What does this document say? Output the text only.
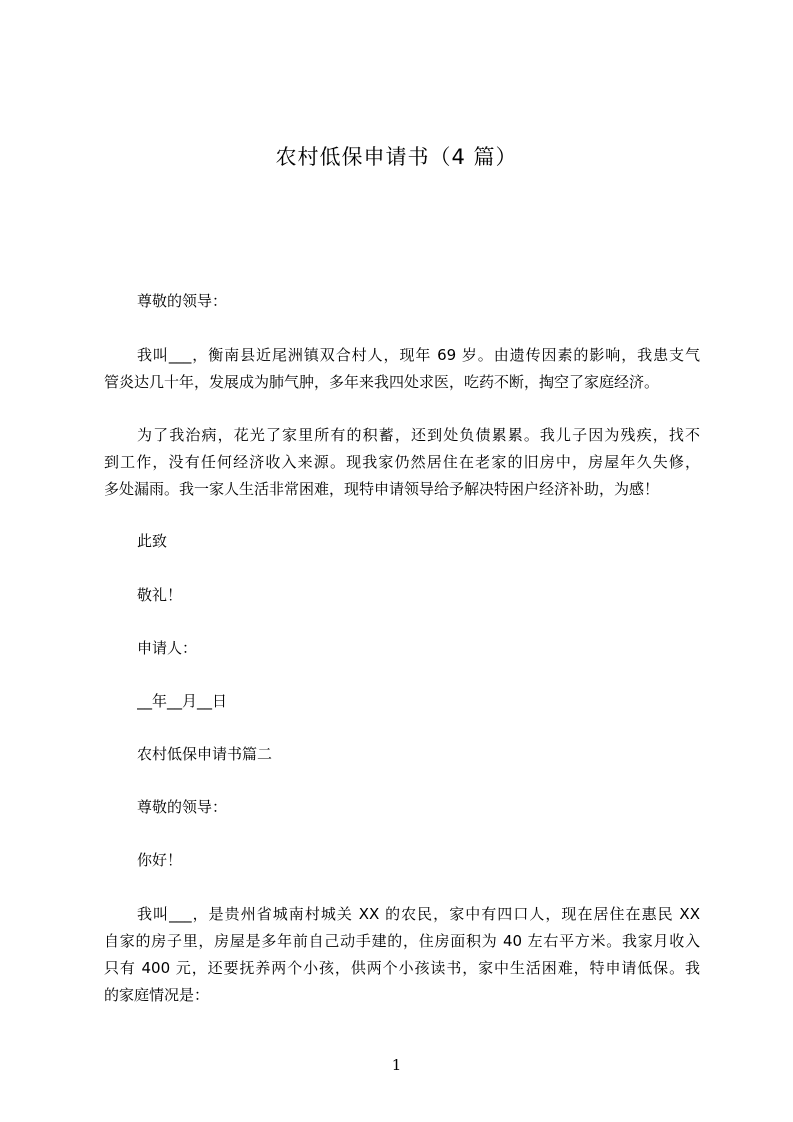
农村低保申请书（4 篇）
尊敬的领导：
我叫___，衡南县近尾洲镇双合村人，现年 69 岁。由遗传因素的影响，我患支气
管炎达几十年，发展成为肺气肿，多年来我四处求医，吃药不断，掏空了家庭经济。
为了我治病，花光了家里所有的积蓄，还到处负债累累。我儿子因为残疾，找不
到工作，没有任何经济收入来源。现我家仍然居住在老家的旧房中，房屋年久失修，
多处漏雨。我一家人生活非常困难，现特申请领导给予解决特困户经济补助，为感！
此致
敬礼！
申请人：
__年__月__日
农村低保申请书篇二
尊敬的领导：
你好！
我叫___，是贵州省城南村城关 XX 的农民，家中有四口人，现在居住在惠民 XX
自家的房子里，房屋是多年前自己动手建的，住房面积为 40 左右平方米。我家月收入
只有 400 元，还要抚养两个小孩，供两个小孩读书，家中生活困难，特申请低保。我
的家庭情况是：
1
